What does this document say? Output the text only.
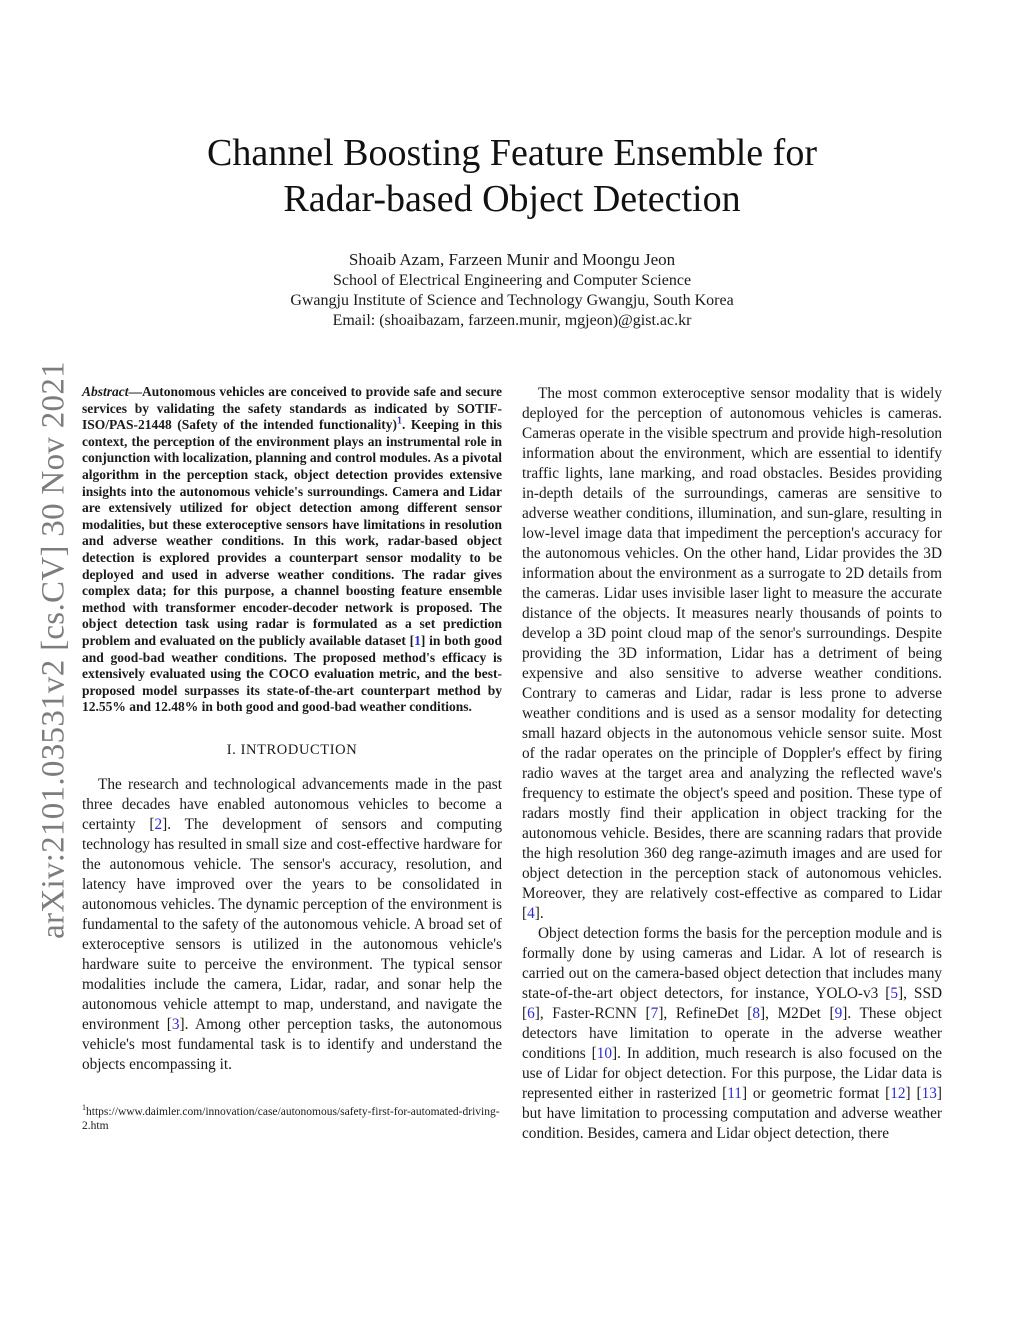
arXiv:2101.03531v2 [cs.CV] 30 Nov 2021
Channel Boosting Feature Ensemble for
Radar-based Object Detection
Shoaib Azam, Farzeen Munir and Moongu Jeon
School of Electrical Engineering and Computer Science
Gwangju Institute of Science and Technology Gwangju, South Korea
Email: (shoaibazam, farzeen.munir, mgjeon)@gist.ac.kr

Abstract—Autonomous vehicles are conceived to provide safe and secure services by validating the safety standards as indicated by SOTIF-ISO/PAS-21448 (Safety of the intended functionality)$^1$. Keeping in this context, the perception of the environment plays an instrumental role in conjunction with localization, planning and control modules. As a pivotal algorithm in the perception stack, object detection provides extensive insights into the autonomous vehicle's surroundings. Camera and Lidar are extensively utilized for object detection among different sensor modalities, but these exteroceptive sensors have limitations in resolution and adverse weather conditions. In this work, radar-based object detection is explored provides a counterpart sensor modality to be deployed and used in adverse weather conditions. The radar gives complex data; for this purpose, a channel boosting feature ensemble method with transformer encoder-decoder network is proposed. The object detection task using radar is formulated as a set prediction problem and evaluated on the publicly available dataset [1] in both good and good-bad weather conditions. The proposed method's efficacy is extensively evaluated using the COCO evaluation metric, and the best-proposed model surpasses its state-of-the-art counterpart method by 12.55% and 12.48% in both good and good-bad weather conditions.

I. INTRODUCTION

The research and technological advancements made in the past three decades have enabled autonomous vehicles to become a certainty [2]. The development of sensors and computing technology has resulted in small size and cost-effective hardware for the autonomous vehicle. The sensor's accuracy, resolution, and latency have improved over the years to be consolidated in autonomous vehicles. The dynamic perception of the environment is fundamental to the safety of the autonomous vehicle. A broad set of exteroceptive sensors is utilized in the autonomous vehicle's hardware suite to perceive the environment. The typical sensor modalities include the camera, Lidar, radar, and sonar help the autonomous vehicle attempt to map, understand, and navigate the environment [3]. Among other perception tasks, the autonomous vehicle's most fundamental task is to identify and understand the objects encompassing it.

$^1$https://www.daimler.com/innovation/case/autonomous/safety-first-for-automated-driving-2.htm

The most common exteroceptive sensor modality that is widely deployed for the perception of autonomous vehicles is cameras. Cameras operate in the visible spectrum and provide high-resolution information about the environment, which are essential to identify traffic lights, lane marking, and road obstacles. Besides providing in-depth details of the surroundings, cameras are sensitive to adverse weather conditions, illumination, and sun-glare, resulting in low-level image data that impediment the perception's accuracy for the autonomous vehicles. On the other hand, Lidar provides the 3D information about the environment as a surrogate to 2D details from the cameras. Lidar uses invisible laser light to measure the accurate distance of the objects. It measures nearly thousands of points to develop a 3D point cloud map of the senor's surroundings. Despite providing the 3D information, Lidar has a detriment of being expensive and also sensitive to adverse weather conditions. Contrary to cameras and Lidar, radar is less prone to adverse weather conditions and is used as a sensor modality for detecting small hazard objects in the autonomous vehicle sensor suite. Most of the radar operates on the principle of Doppler's effect by firing radio waves at the target area and analyzing the reflected wave's frequency to estimate the object's speed and position. These type of radars mostly find their application in object tracking for the autonomous vehicle. Besides, there are scanning radars that provide the high resolution 360 deg range-azimuth images and are used for object detection in the perception stack of autonomous vehicles. Moreover, they are relatively cost-effective as compared to Lidar [4].

Object detection forms the basis for the perception module and is formally done by using cameras and Lidar. A lot of research is carried out on the camera-based object detection that includes many state-of-the-art object detectors, for instance, YOLO-v3 [5], SSD [6], Faster-RCNN [7], RefineDet [8], M2Det [9]. These object detectors have limitation to operate in the adverse weather conditions [10]. In addition, much research is also focused on the use of Lidar for object detection. For this purpose, the Lidar data is represented either in rasterized [11] or geometric format [12] [13] but have limitation to processing computation and adverse weather condition. Besides, camera and Lidar object detection, there
